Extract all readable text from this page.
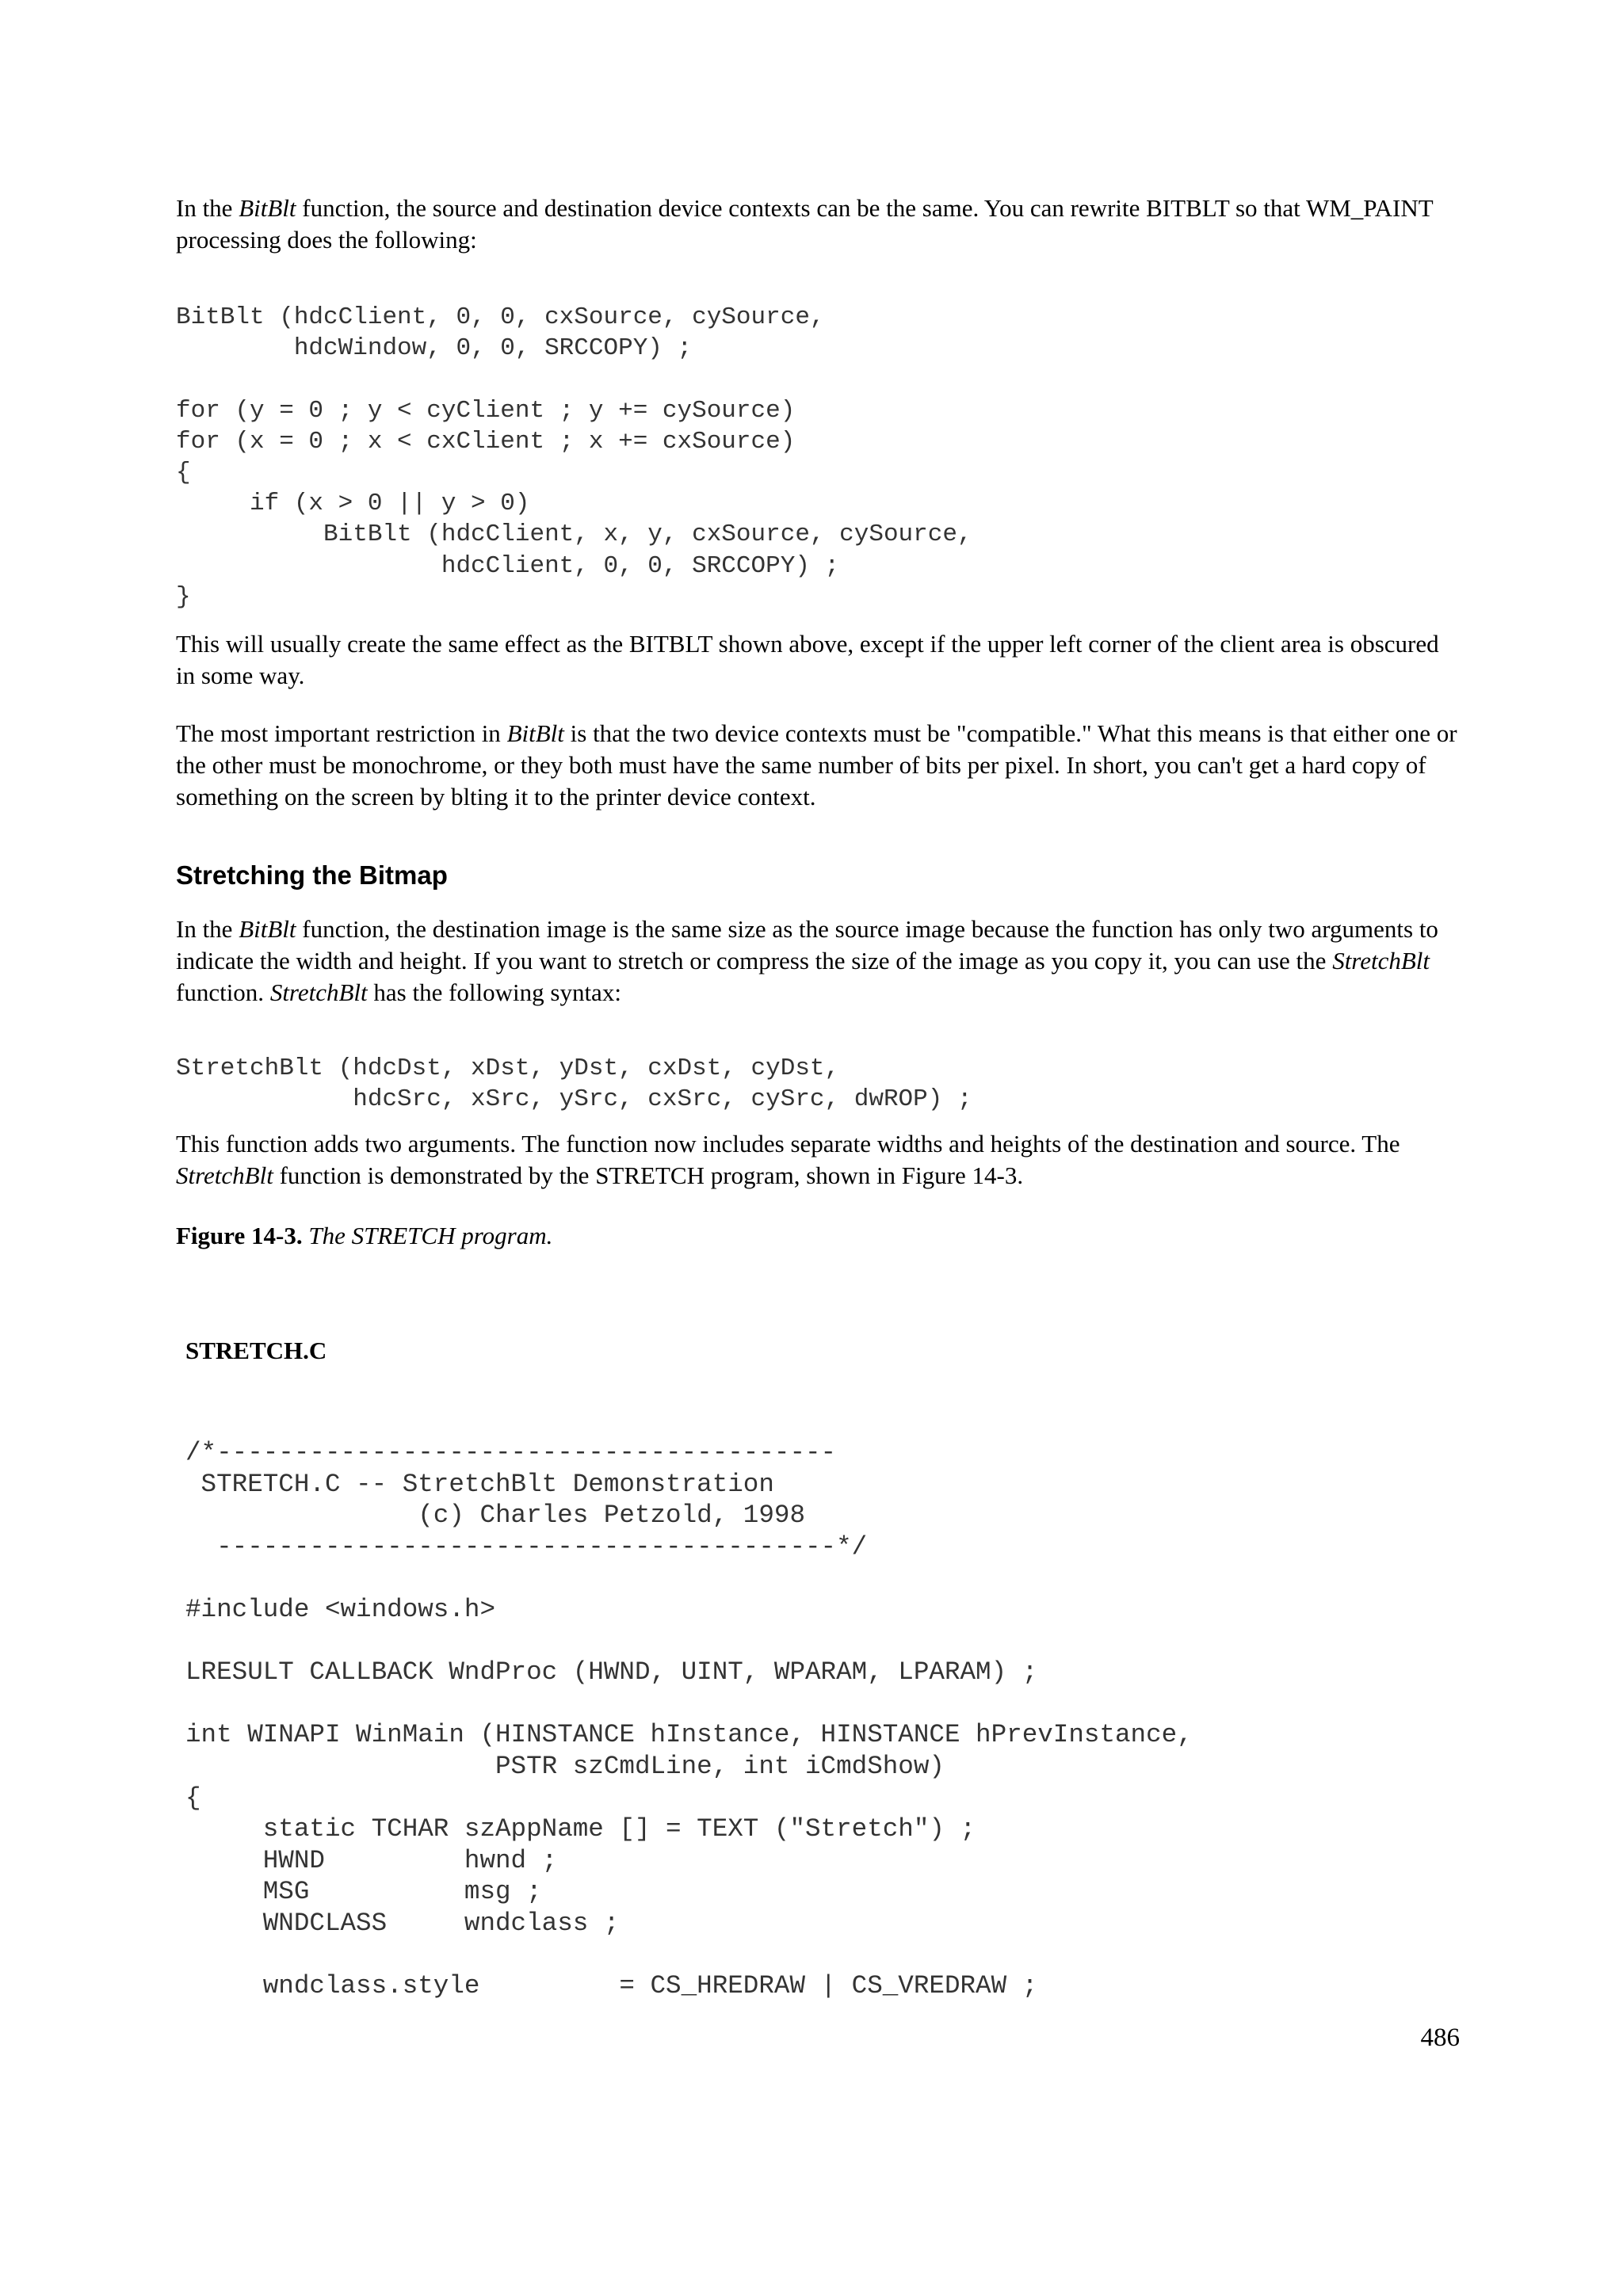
In the BitBlt function, the source and destination device contexts can be the same. You can rewrite BITBLT so that WM_PAINT processing does the following:

BitBlt (hdcClient, 0, 0, cxSource, cySource,
hdcWindow, 0, 0, SRCCOPY) ;

for (y = 0 ; y < cyClient ; y += cySource)
for (x = 0 ; x < cxClient ; x += cxSource)
{
if (x > 0 || y > 0)
BitBlt (hdcClient, x, y, cxSource, cySource,
hdcClient, 0, 0, SRCCOPY) ;
}

This will usually create the same effect as the BITBLT shown above, except if the upper left corner of the client area is obscured in some way.

The most important restriction in BitBlt is that the two device contexts must be "compatible." What this means is that either one or the other must be monochrome, or they both must have the same number of bits per pixel. In short, you can't get a hard copy of something on the screen by blting it to the printer device context.

Stretching the Bitmap

In the BitBlt function, the destination image is the same size as the source image because the function has only two arguments to indicate the width and height. If you want to stretch or compress the size of the image as you copy it, you can use the StretchBlt function. StretchBlt has the following syntax:

StretchBlt (hdcDst, xDst, yDst, cxDst, cyDst,
hdcSrc, xSrc, ySrc, cxSrc, cySrc, dwROP) ;

This function adds two arguments. The function now includes separate widths and heights of the destination and source. The StretchBlt function is demonstrated by the STRETCH program, shown in Figure 14-3.

Figure 14-3. The STRETCH program.

STRETCH.C

/*----------------------------------------
STRETCH.C -- StretchBlt Demonstration
(c) Charles Petzold, 1998
----------------------------------------*/

#include <windows.h>

LRESULT CALLBACK WndProc (HWND, UINT, WPARAM, LPARAM) ;

int WINAPI WinMain (HINSTANCE hInstance, HINSTANCE hPrevInstance,
PSTR szCmdLine, int iCmdShow)
{
static TCHAR szAppName [] = TEXT ("Stretch") ;
HWND         hwnd ;
MSG          msg ;
WNDCLASS     wndclass ;

wndclass.style         = CS_HREDRAW | CS_VREDRAW ;

486
